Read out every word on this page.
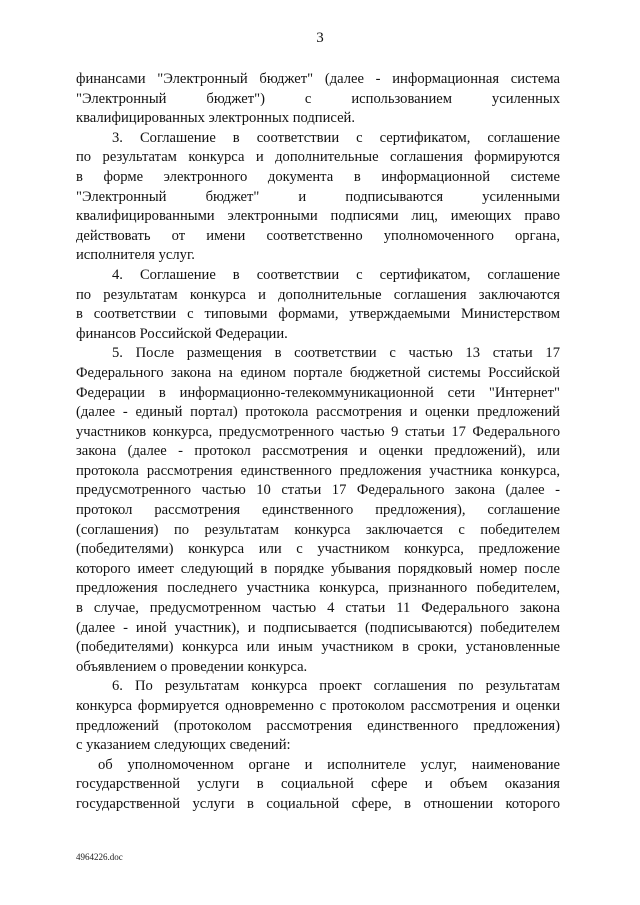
3
финансами "Электронный бюджет" (далее - информационная система
"Электронный бюджет") с использованием усиленных
квалифицированных электронных подписей.
3. Соглашение в соответствии с сертификатом, соглашение
по результатам конкурса и дополнительные соглашения формируются
в форме электронного документа в информационной системе
"Электронный бюджет" и подписываются усиленными
квалифицированными электронными подписями лиц, имеющих право
действовать от имени соответственно уполномоченного органа,
исполнителя услуг.
4. Соглашение в соответствии с сертификатом, соглашение
по результатам конкурса и дополнительные соглашения заключаются
в соответствии с типовыми формами, утверждаемыми Министерством
финансов Российской Федерации.
5. После размещения в соответствии с частью 13 статьи 17
Федерального закона на едином портале бюджетной системы Российской
Федерации в информационно-телекоммуникационной сети "Интернет"
(далее - единый портал) протокола рассмотрения и оценки предложений
участников конкурса, предусмотренного частью 9 статьи 17 Федерального
закона (далее - протокол рассмотрения и оценки предложений), или
протокола рассмотрения единственного предложения участника конкурса,
предусмотренного частью 10 статьи 17 Федерального закона (далее -
протокол рассмотрения единственного предложения), соглашение
(соглашения) по результатам конкурса заключается с победителем
(победителями) конкурса или с участником конкурса, предложение
которого имеет следующий в порядке убывания порядковый номер после
предложения последнего участника конкурса, признанного победителем,
в случае, предусмотренном частью 4 статьи 11 Федерального закона
(далее - иной участник), и подписывается (подписываются) победителем
(победителями) конкурса или иным участником в сроки, установленные
объявлением о проведении конкурса.
6. По результатам конкурса проект соглашения по результатам
конкурса формируется одновременно с протоколом рассмотрения и оценки
предложений (протоколом рассмотрения единственного предложения)
с указанием следующих сведений:
об уполномоченном органе и исполнителе услуг, наименование
государственной услуги в социальной сфере и объем оказания
государственной услуги в социальной сфере, в отношении которого
4964226.doc
